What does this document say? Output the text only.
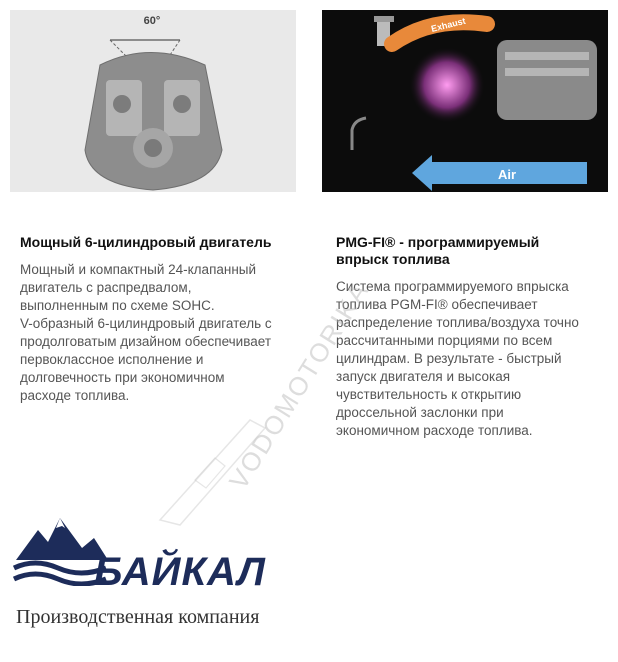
60°	Exhaust
Air
Мощный 6-цилиндровый двигатель

Мощный и компактный 24-клапанный
двигатель с распредвалом,
выполненным по схеме SOHC.
V-образный 6-цилиндровый двигатель с
продолговатым дизайном обеспечивает
первоклассное исполнение и
долговечность при экономичном
расходе топлива.

PMG-FI® - программируемый
впрыск топлива

Система программируемого впрыска
топлива PGM-FI® обеспечивает
распределение топлива/воздуха точно
рассчитанными порциями по всем
цилиндрам. В результате - быстрый
запуск двигателя и высокая
чувствительность к открытию
дроссельной заслонки при
экономичном расходе топлива.

VODOMOTORIKA
БАЙКАЛ
Производственная компания
